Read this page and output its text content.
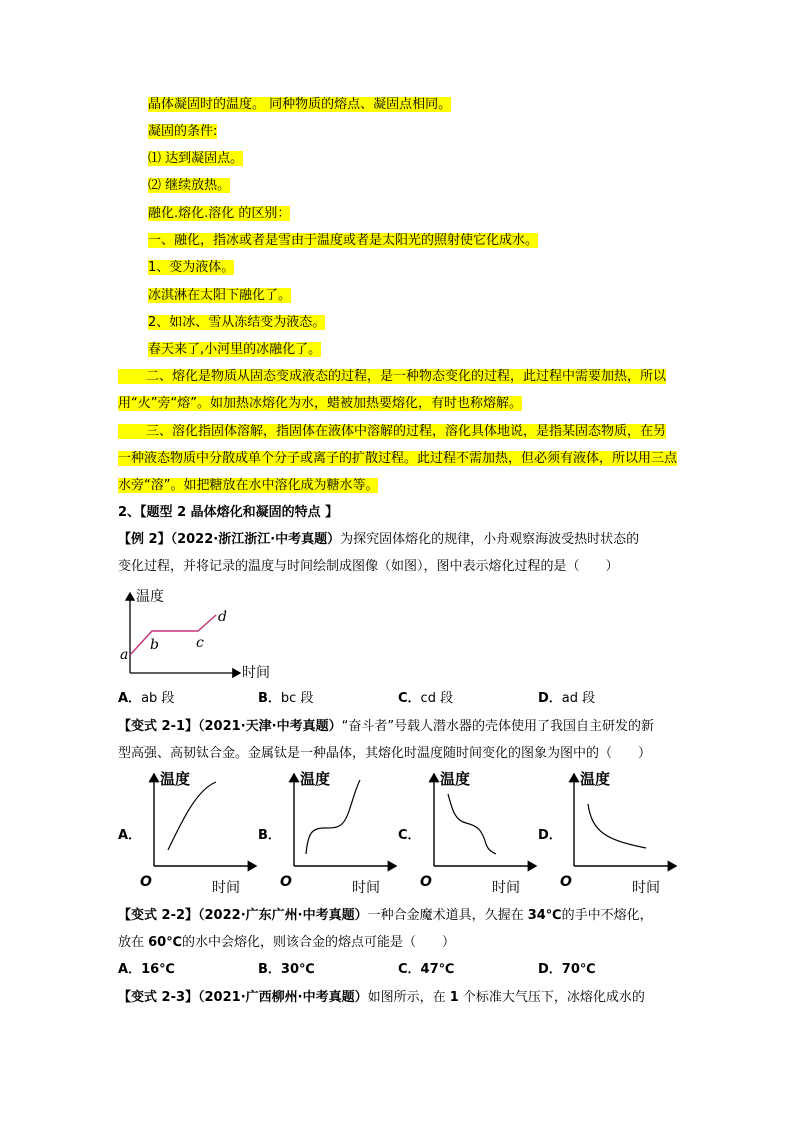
晶体凝固时的温度。 同种物质的熔点、凝固点相同。
凝固的条件:
⑴ 达到凝固点。
⑵ 继续放热。
融化.熔化.溶化 的区别：
一、融化，指冰或者是雪由于温度或者是太阳光的照射使它化成水。
1、变为液体。
冰淇淋在太阳下融化了。
2、如冰、雪从冻结变为液态。
春天来了,小河里的冰融化了。
二、熔化是物质从固态变成液态的过程，是一种物态变化的过程，此过程中需要加热，所以用“火”旁“熔”。如加热冰熔化为水，蜡被加热要熔化，有时也称熔解。
三、溶化指固体溶解，指固体在液体中溶解的过程，溶化具体地说，是指某固态物质，在另一种液态物质中分散成单个分子或离子的扩散过程。此过程不需加热，但必须有液体，所以用三点水旁“溶”。如把糖放在水中溶化成为糖水等。
2、【题型 2 晶体熔化和凝固的特点 】
【例 2】（2022·浙江浙江·中考真题）为探究固体熔化的规律，小舟观察海波受热时状态的
变化过程，并将记录的温度与时间绘制成图像（如图），图中表示熔化过程的是（　　）
温度
时间
a
b	c
d
A．ab 段	B．bc 段	C．cd 段	D．ad 段
【变式 2-1】（2021·天津·中考真题）“奋斗者”号载人潜水器的壳体使用了我国自主研发的新
型高强、高韧钛合金。金属钛是一种晶体，其熔化时温度随时间变化的图象为图中的（　　）
A．
温度
时间
O
B．
温度
时间
O
C．
温度
时间
O
D．
温度
时间
O
【变式 2-2】（2022·广东广州·中考真题）一种合金魔术道具，久握在 34℃的手中不熔化，
放在 60℃的水中会熔化，则该合金的熔点可能是（　　）
A．16℃	B．30℃	C．47℃	D．70℃
【变式 2-3】（2021·广西柳州·中考真题）如图所示，在 1 个标准大气压下，冰熔化成水的
